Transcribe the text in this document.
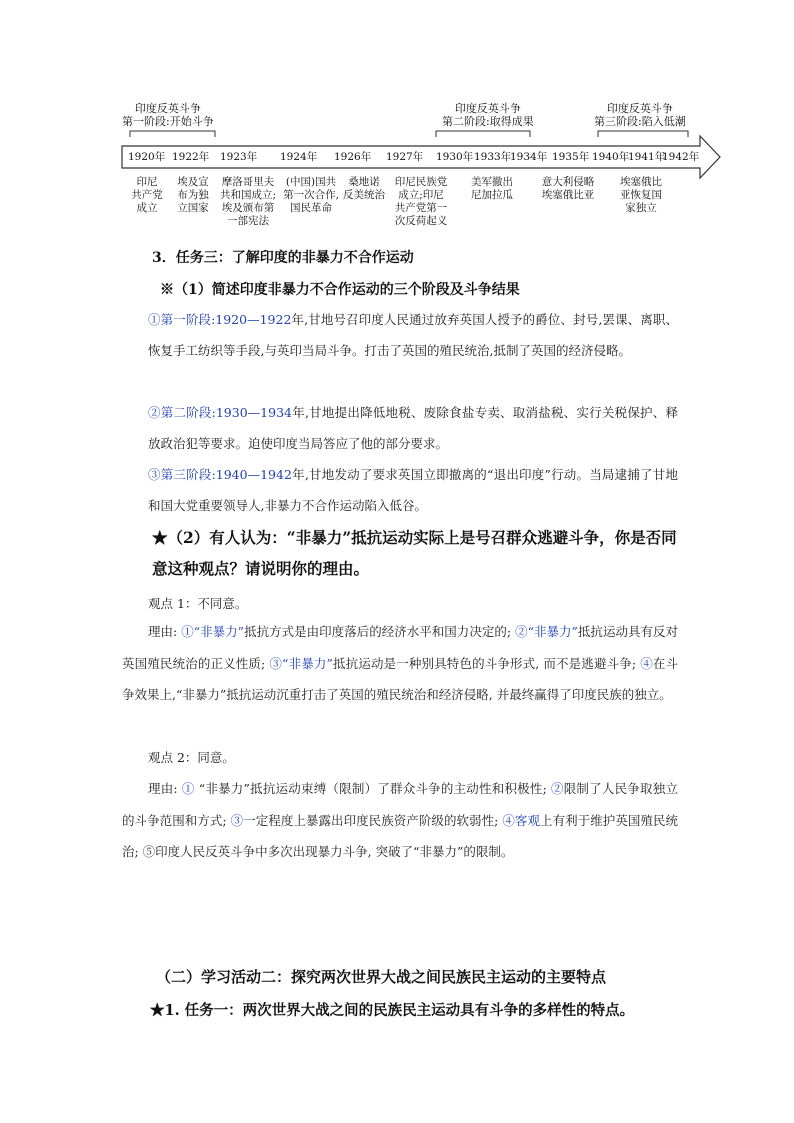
印度反英斗争
第一阶段:开始斗争
印度反英斗争
第二阶段:取得成果
印度反英斗争
第三阶段:陷入低潮
1920年 1922年 1923年 1924年 1926年 1927年 1930年 1933年
1934年 1935年 1940年
1941年
1942年
印尼
共产党
成立
埃及宣
布为独
立国家
摩洛哥里夫
共和国成立;
埃及颁布第
一部宪法
(中国)国共
第一次合作,
国民革命
桑地诺
反美统治
印尼民族党
成立;印尼
共产党第一
次反荷起义
美军撤出
尼加拉瓜
意大利侵略
埃塞俄比亚
埃塞俄比
亚恢复国
家独立
3．任务三：了解印度的非暴力不合作运动
※（1）简述印度非暴力不合作运动的三个阶段及斗争结果
①第一阶段:1920—1922年,甘地号召印度人民通过放弃英国人授予的爵位、封号,罢课、离职、恢复手工纺织等手段,与英印当局斗争。打击了英国的殖民统治,抵制了英国的经济侵略。
②第二阶段:1930—1934年,甘地提出降低地税、废除食盐专卖、取消盐税、实行关税保护、释放政治犯等要求。迫使印度当局答应了他的部分要求。
③第三阶段:1940—1942年,甘地发动了要求英国立即撤离的“退出印度”行动。当局逮捕了甘地和国大党重要领导人,非暴力不合作运动陷入低谷。
★（2）有人认为：“非暴力”抵抗运动实际上是号召群众逃避斗争，你是否同意这种观点？请说明你的理由。
观点 1：不同意。
理由: ①“非暴力”抵抗方式是由印度落后的经济水平和国力决定的; ②“非暴力”抵抗运动具有反对英国殖民统治的正义性质; ③“非暴力”抵抗运动是一种别具特色的斗争形式, 而不是逃避斗争; ④在斗争效果上,“非暴力”抵抗运动沉重打击了英国的殖民统治和经济侵略, 并最终赢得了印度民族的独立。
观点 2：同意。
理由: ① “非暴力”抵抗运动束缚（限制）了群众斗争的主动性和积极性; ②限制了人民争取独立的斗争范围和方式; ③一定程度上暴露出印度民族资产阶级的软弱性; ④客观上有利于维护英国殖民统治; ⑤印度人民反英斗争中多次出现暴力斗争, 突破了“非暴力”的限制。
（二）学习活动二：探究两次世界大战之间民族民主运动的主要特点
★1. 任务一：两次世界大战之间的民族民主运动具有斗争的多样性的特点。
